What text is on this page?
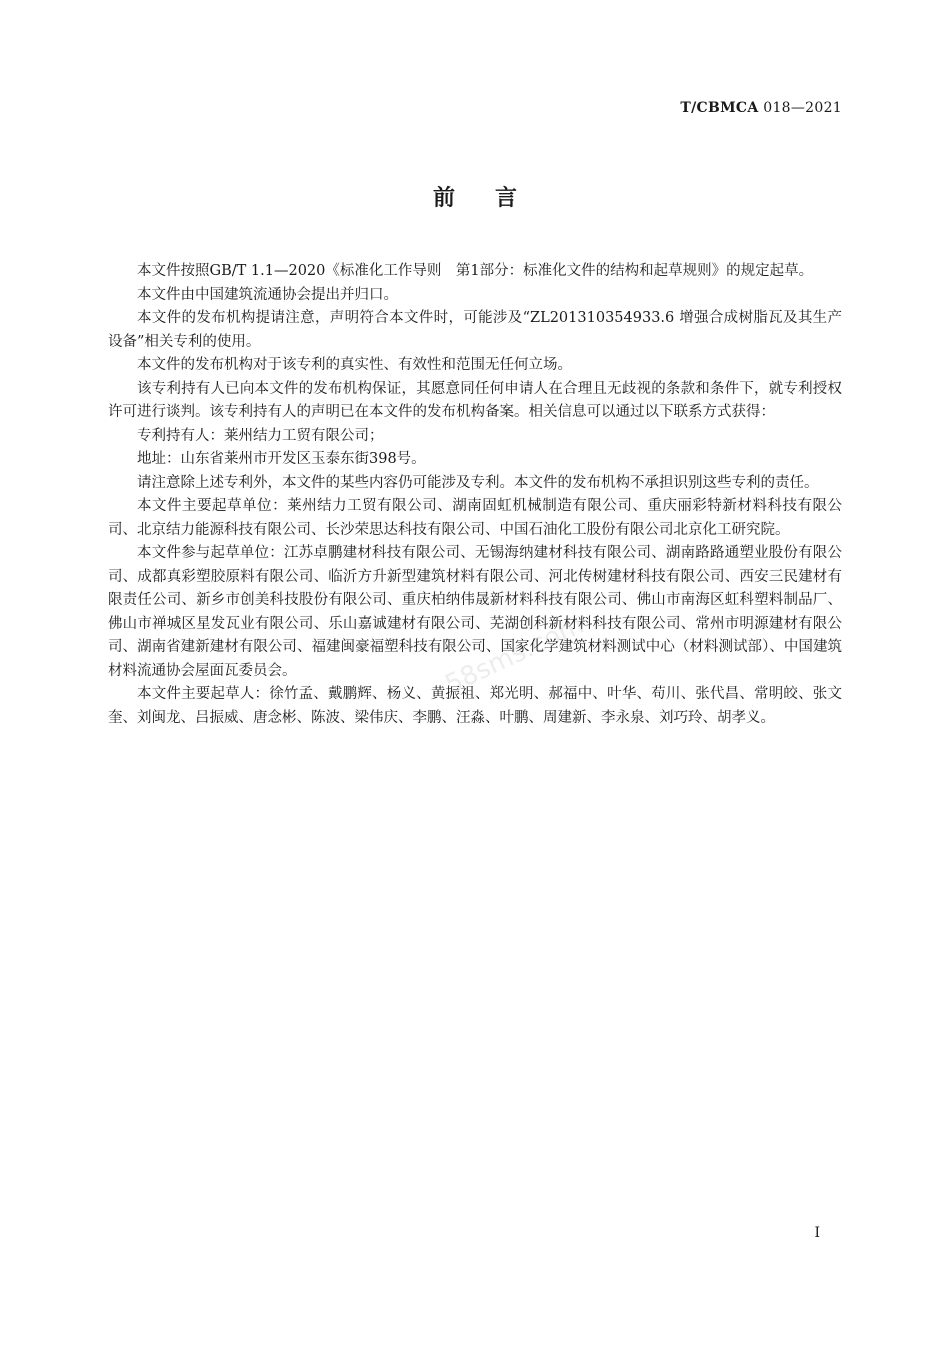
T/CBMCA 018—2021
前言
58sms.com

本文件按照GB/T 1.1—2020《标准化工作导则　第1部分：标准化文件的结构和起草规则》的规定起草。

本文件由中国建筑流通协会提出并归口。

本文件的发布机构提请注意，声明符合本文件时，可能涉及“ZL201310354933.6 增强合成树脂瓦及其生产设备”相关专利的使用。

本文件的发布机构对于该专利的真实性、有效性和范围无任何立场。

该专利持有人已向本文件的发布机构保证，其愿意同任何申请人在合理且无歧视的条款和条件下，就专利授权许可进行谈判。该专利持有人的声明已在本文件的发布机构备案。相关信息可以通过以下联系方式获得：

专利持有人：莱州结力工贸有限公司；

地址：山东省莱州市开发区玉泰东街398号。

请注意除上述专利外，本文件的某些内容仍可能涉及专利。本文件的发布机构不承担识别这些专利的责任。

本文件主要起草单位：莱州结力工贸有限公司、湖南固虹机械制造有限公司、重庆丽彩特新材料科技有限公司、北京结力能源科技有限公司、长沙荣思达科技有限公司、中国石油化工股份有限公司北京化工研究院。

本文件参与起草单位：江苏卓鹏建材科技有限公司、无锡海纳建材科技有限公司、湖南路路通塑业股份有限公司、成都真彩塑胶原料有限公司、临沂方升新型建筑材料有限公司、河北传树建材科技有限公司、西安三民建材有限责任公司、新乡市创美科技股份有限公司、重庆柏纳伟晟新材料科技有限公司、佛山市南海区虹科塑料制品厂、佛山市禅城区星发瓦业有限公司、乐山嘉诚建材有限公司、芜湖创科新材料科技有限公司、常州市明源建材有限公司、湖南省建新建材有限公司、福建闽豪福塑科技有限公司、国家化学建筑材料测试中心（材料测试部）、中国建筑材料流通协会屋面瓦委员会。

本文件主要起草人：徐竹孟、戴鹏辉、杨义、黄振祖、郑光明、郝福中、叶华、苟川、张代昌、常明皎、张文奎、刘闽龙、吕振威、唐念彬、陈波、梁伟庆、李鹏、汪淼、叶鹏、周建新、李永泉、刘巧玲、胡孝义。

I
